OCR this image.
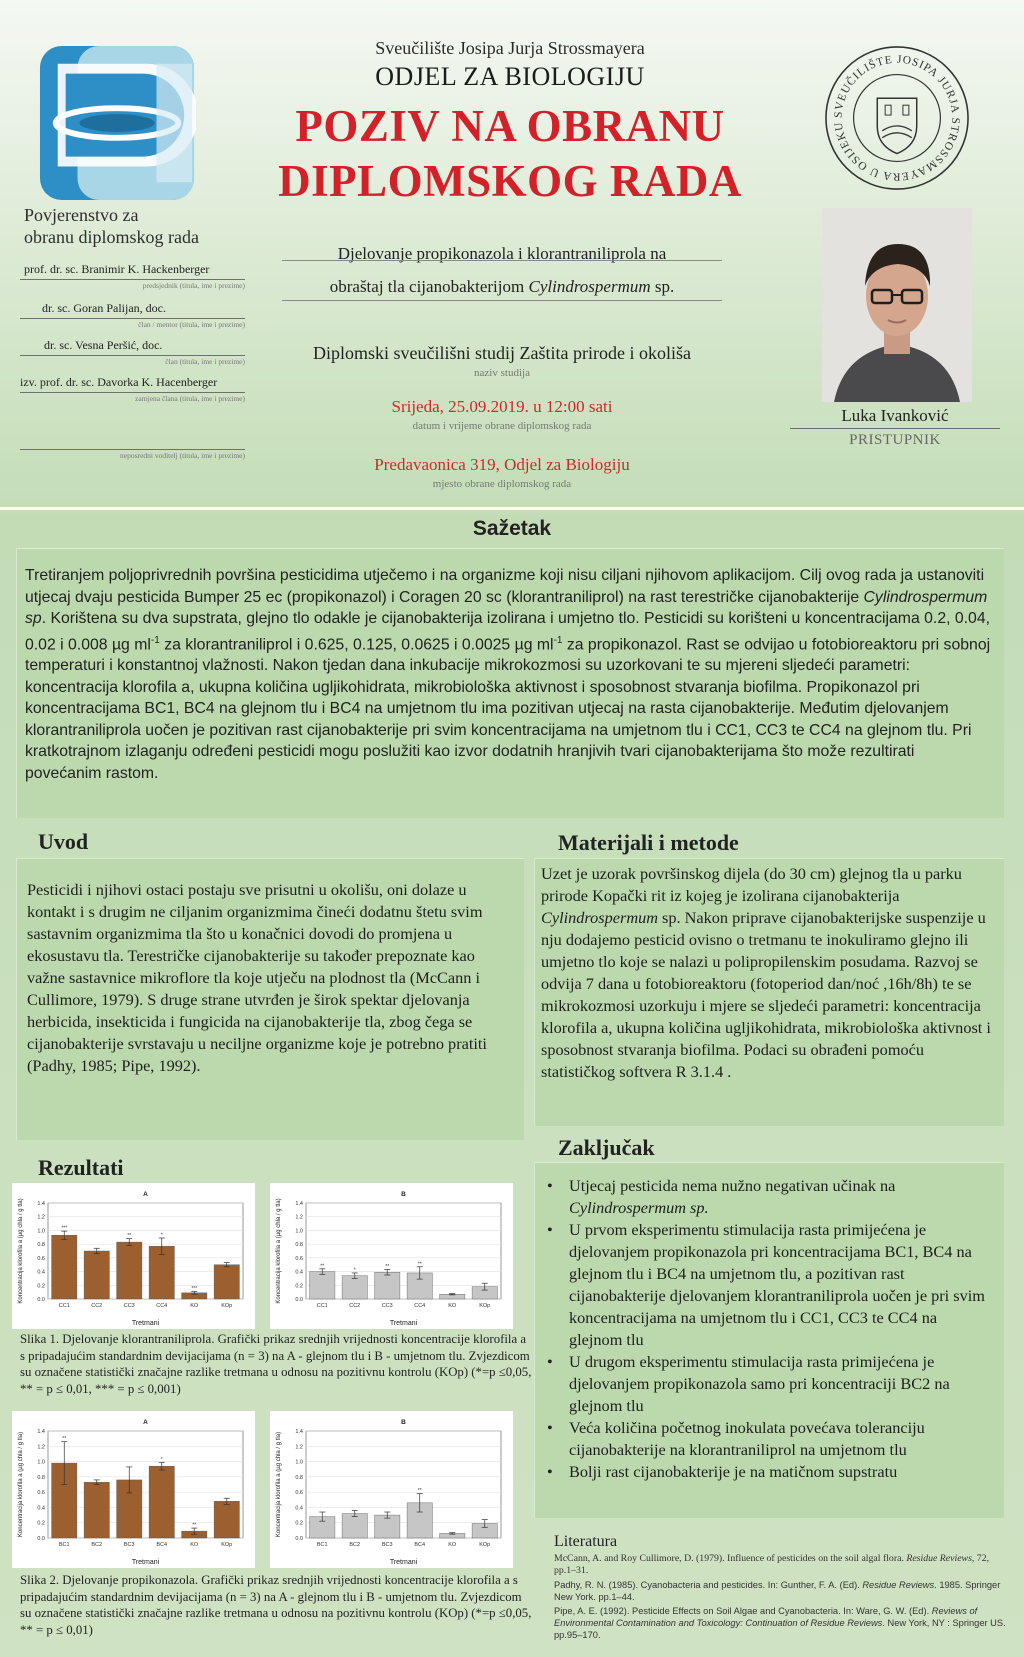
Sveučilište Josipa Jurja Strossmayera
ODJEL ZA BIOLOGIJU
POZIV NA OBRANU
DIPLOMSKOG RADA
SVEUČILIŠTE JOSIPA JURJA STROSSMAYERA U OSIJEKU
Povjerenstvo za
obranu diplomskog rada
prof. dr. sc. Branimir K. Hackenberger
predsjednik (titula, ime i prezime)
dr. sc. Goran Palijan, doc.
član / mentor (titula, ime i prezime)
dr. sc. Vesna Peršić, doc.
član (titula, ime i prezime)
izv. prof. dr. sc. Davorka K. Hacenberger
zamjena člana (titula, ime i prezime)
neposredni voditelj (titula, ime i prezime)
Djelovanje propikonazola i klorantraniliprola na
obraštaj tla cijanobakterijom Cylindrospermum sp.
Diplomski sveučilišni studij Zaštita prirode i okoliša
naziv studija
Srijeda, 25.09.2019. u 12:00 sati
datum i vrijeme obrane diplomskog rada
Predavaonica 319, Odjel za Biologiju
mjesto obrane diplomskog rada
Luka Ivanković
PRISTUPNIK
Sažetak
Tretiranjem poljoprivrednih površina pesticidima utječemo i na organizme koji nisu ciljani njihovom aplikacijom. Cilj ovog rada ja ustanoviti utjecaj dvaju pesticida Bumper 25 ec (propikonazol) i Coragen 20 sc (klorantraniliprol) na rast terestričke cijanobakterije Cylindrospermum sp. Korištena su dva supstrata, glejno tlo odakle je cijanobakterija izolirana i umjetno tlo. Pesticidi su korišteni u koncentracijama 0.2, 0.04, 0.02 i 0.008 µg $ml^{-1}$ za klorantraniliprol i 0.625, 0.125, 0.0625 i 0.0025 µg $ml^{-1}$ za propikonazol. Rast se odvijao u fotobioreaktoru pri sobnoj temperaturi i konstantnoj vlažnosti. Nakon tjedan dana inkubacije mikrokozmosi su uzorkovani te su mjereni sljedeći parametri: koncentracija klorofila a, ukupna količina ugljikohidrata, mikrobiološka aktivnost i sposobnost stvaranja biofilma. Propikonazol pri koncentracijama BC1, BC4 na glejnom tlu i BC4 na umjetnom tlu ima pozitivan utjecaj na rasta cijanobakterije. Međutim djelovanjem klorantraniliprola uočen je pozitivan rast cijanobakterije pri svim koncentracijama na umjetnom tlu i CC1, CC3 te CC4 na glejnom tlu. Pri kratkotrajnom izlaganju određeni pesticidi mogu poslužiti kao izvor dodatnih hranjivih tvari cijanobakterijama što može rezultirati povećanim rastom.
Uvod
Pesticidi i njihovi ostaci postaju sve prisutni u okolišu, oni dolaze u kontakt i s drugim ne ciljanim organizmima čineći dodatnu štetu svim sastavnim organizmima tla što u konačnici dovodi do promjena u ekosustavu tla. Terestričke cijanobakterije su također prepoznate kao važne sastavnice mikroflore tla koje utječu na plodnost tla (McCann i Cullimore, 1979). S druge strane utvrđen je širok spektar djelovanja herbicida, insekticida i fungicida na cijanobakterije tla, zbog čega se cijanobakterije svrstavaju u neciljne organizme koje je potrebno pratiti (Padhy, 1985; Pipe, 1992).
Materijali i metode
Uzet je uzorak površinskog dijela (do 30 cm) glejnog tla u parku prirode Kopački rit iz kojeg je izolirana cijanobakterija Cylindrospermum sp. Nakon priprave cijanobakterijske suspenzije u nju dodajemo pesticid ovisno o tretmanu te inokuliramo glejno ili umjetno tlo koje se nalazi u polipropilenskim posudama. Razvoj se odvija 7 dana u fotobioreaktoru (fotoperiod dan/noć ,16h/8h) te se mikrokozmosi uzorkuju i mjere se sljedeći parametri: koncentracija klorofila a, ukupna količina ugljikohidrata, mikrobiološka aktivnost i sposobnost stvaranja biofilma. Podaci su obrađeni pomoću statističkog softvera R 3.1.4 .
Zaključak
• Utjecaj pesticida nema nužno negativan učinak na Cylindrospermum sp.
• U prvom eksperimentu stimulacija rasta primijećena je djelovanjem propikonazola pri koncentracijama BC1, BC4 na glejnom tlu i BC4 na umjetnom tlu, a pozitivan rast cijanobakterije djelovanjem klorantraniliprola uočen je pri svim koncentracijama na umjetnom tlu i CC1, CC3 te CC4 na glejnom tlu
• U drugom eksperimentu stimulacija rasta primijećena je djelovanjem propikonazola samo pri koncentraciji BC2 na glejnom tlu
• Veća količina početnog inokulata povećava toleranciju cijanobakterije na klorantraniliprol na umjetnom tlu
• Bolji rast cijanobakterije je na matičnom supstratu
Rezultati
0.0
0.2
0.4
0.6
0.8
1.0
1.2
1.4
A
Tretmani
Koncentracija klorofila a (µg chla / g tla)	***
CC1	CC2
**
CC3
*
CC4
***
KO	KOp
0.0
0.2
0.4
0.6
0.8
1.0
1.2
1.4
B
Tretmani
Koncentracija klorofila a (µg chla / g tla)	**
CC1
*
CC2
**
CC3
**
CC4	KO	KOp
Slika 1. Djelovanje klorantraniliprola. Grafički prikaz srednjih vrijednosti koncentracije klorofila a s pripadajućim standardnim devijacijama (n = 3) na A - glejnom tlu i B - umjetnom tlu. Zvjezdicom su označene statistički značajne razlike tretmana u odnosu na pozitivnu kontrolu (KOp) (*=p ≤0,05, ** = p ≤ 0,01, *** = p ≤ 0,001)
0.0
0.2
0.4
0.6
0.8
1.0
1.2
1.4
A
Tretmani
Koncentracija klorofila a (µg chla / g tla)	**
BC1	BC2	BC3
*
BC4
**
KO	KOp
0.0
0.2
0.4
0.6
0.8
1.0
1.2
1.4
B
Tretmani
Koncentracija klorofila a (µg chla / g tla)
BC1	BC2	BC3
**
BC4	KO	KOp
Slika 2. Djelovanje propikonazola. Grafički prikaz srednjih vrijednosti koncentracije klorofila a s pripadajućim standardnim devijacijama (n = 3) na A - glejnom tlu i B - umjetnom tlu. Zvjezdicom su označene statistički značajne razlike tretmana u odnosu na pozitivnu kontrolu (KOp) (*=p ≤0,05, ** = p ≤ 0,01)
Literatura
McCann, A. and Roy Cullimore, D. (1979). Influence of pesticides on the soil algal flora. Residue Reviews, 72, pp.1–31.
Padhy, R. N. (1985). Cyanobacteria and pesticides. In: Gunther, F. A. (Ed). Residue Reviews. 1985. Springer New York. pp.1–44.
Pipe, A. E. (1992). Pesticide Effects on Soil Algae and Cyanobacteria. In: Ware, G. W. (Ed). Reviews of Environmental Contamination and Toxicology: Continuation of Residue Reviews. New York, NY : Springer US. pp.95–170.
